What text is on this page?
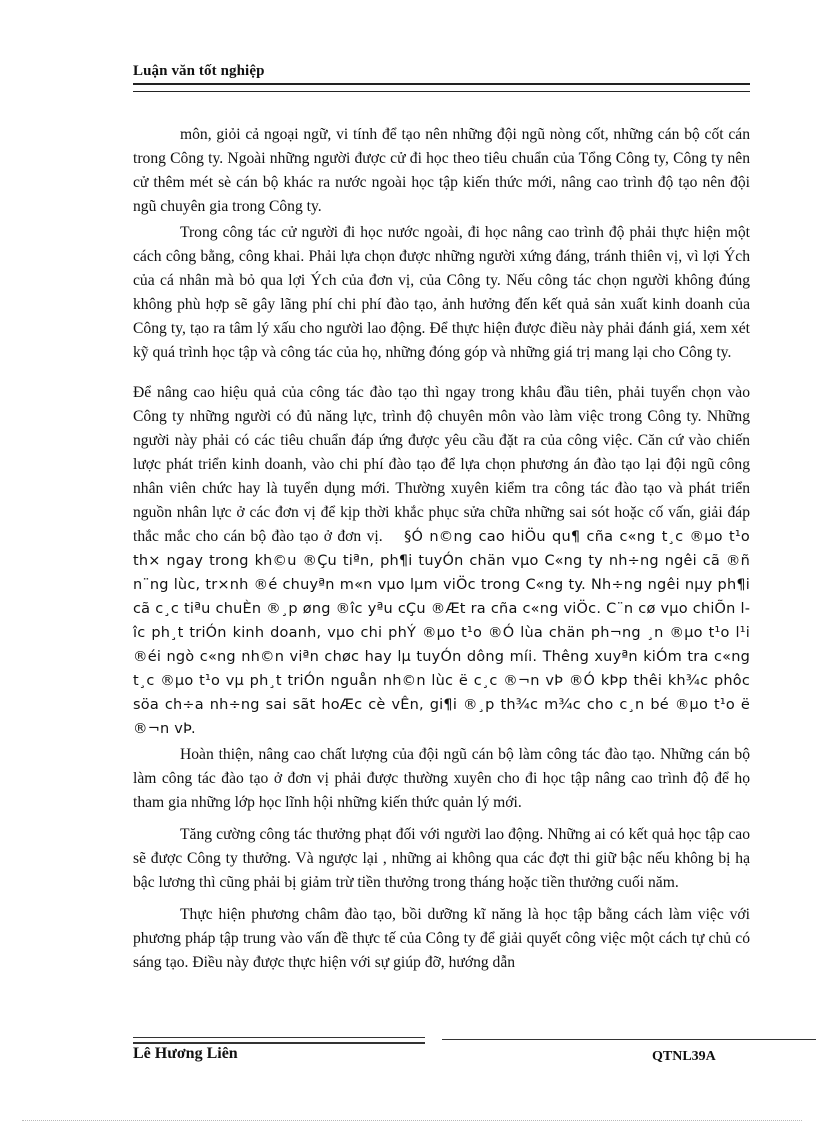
Luận văn tốt nghiệp

môn, giỏi cả ngoại ngữ, vi tính để tạo nên những đội ngũ nòng cốt, những cán bộ cốt cán trong Công ty. Ngoài những người được cử đi học theo tiêu chuẩn của Tổng Công ty, Công ty nên cử thêm mét sè cán bộ khác ra nước ngoài học tập kiến thức mới, nâng cao trình độ tạo nên đội ngũ chuyên gia trong Công ty.

Trong công tác cử người đi học nước ngoài, đi học nâng cao trình độ phải thực hiện một cách công bằng, công khai. Phải lựa chọn được những người xứng đáng, tránh thiên vị, vì lợi Ých của cá nhân mà bỏ qua lợi Ých của đơn vị, của Công ty. Nếu công tác chọn người không đúng không phù hợp sẽ gây lãng phí chi phí đào tạo, ảnh hưởng đến kết quả sản xuất kinh doanh của Công ty, tạo ra tâm lý xấu cho người lao động. Để thực hiện được điều này phải đánh giá, xem xét kỹ quá trình học tập và công tác của họ, những đóng góp và những giá trị mang lại cho Công ty.

Để nâng cao hiệu quả của công tác đào tạo thì ngay trong khâu đầu tiên, phải tuyển chọn vào Công ty những người có đủ năng lực, trình độ chuyên môn vào làm việc trong Công ty. Những người này phải có các tiêu chuẩn đáp ứng được yêu cầu đặt ra của công việc. Căn cứ vào chiến lược phát triển kinh doanh, vào chi phí đào tạo để lựa chọn phương án đào tạo lại đội ngũ công nhân viên chức hay là tuyển dụng mới. Thường xuyên kiểm tra công tác đào tạo và phát triển nguồn nhân lực ở các đơn vị để kịp thời khắc phục sửa chữa những sai sót hoặc cố vấn, giải đáp thắc mắc cho cán bộ đào tạo ở đơn vị. §Ó n©ng cao hiÖu qu¶ cña c«ng t¸c ®µo t¹o th× ngay trong kh©u ®Çu tiªn, ph¶i tuyÓn chän vµo C«ng ty nh÷ng ngêi cã ®ñ n¨ng lùc, tr×nh ®é chuyªn m«n vµo lµm viÖc trong C«ng ty. Nh÷ng ngêi nµy ph¶i cã c¸c tiªu chuÈn ®¸p øng ®îc yªu cÇu ®Æt ra cña c«ng viÖc. C¨n cø vµo chiÕn lîc ph¸t triÓn kinh doanh, vµo chi phÝ ®µo t¹o ®Ó lùa chän ph¬ng ¸n ®µo t¹o l¹i ®éi ngò c«ng nh©n viªn chøc hay lµ tuyÓn dông míi. Thêng xuyªn kiÓm tra c«ng t¸c ®µo t¹o vµ ph¸t triÓn nguån nh©n lùc ë c¸c ®¬n vÞ ®Ó kÞp thêi kh¾c phôc söa ch÷a nh÷ng sai sãt hoÆc cè vÊn, gi¶i ®¸p th¾c m¾c cho c¸n bé ®µo t¹o ë ®¬n vÞ.

Hoàn thiện, nâng cao chất lượng của đội ngũ cán bộ làm công tác đào tạo. Những cán bộ làm công tác đào tạo ở đơn vị phải được thường xuyên cho đi học tập nâng cao trình độ để họ tham gia những lớp học lĩnh hội những kiến thức quản lý mới.

Tăng cường công tác thưởng phạt đối với người lao động. Những ai có kết quả học tập cao sẽ được Công ty thưởng. Và ngược lại , những ai không qua các đợt thi giữ bậc nếu không bị hạ bậc lương thì cũng phải bị giảm trừ tiền thưởng trong tháng hoặc tiền thưởng cuối năm.

Thực hiện phương châm đào tạo, bồi dưỡng kĩ năng là học tập bằng cách làm việc với phương pháp tập trung vào vấn đề thực tế của Công ty để giải quyết công việc một cách tự chủ có sáng tạo. Điều này được thực hiện với sự giúp đỡ, hướng dẫn

Lê Hương Liên	QTNL39A
